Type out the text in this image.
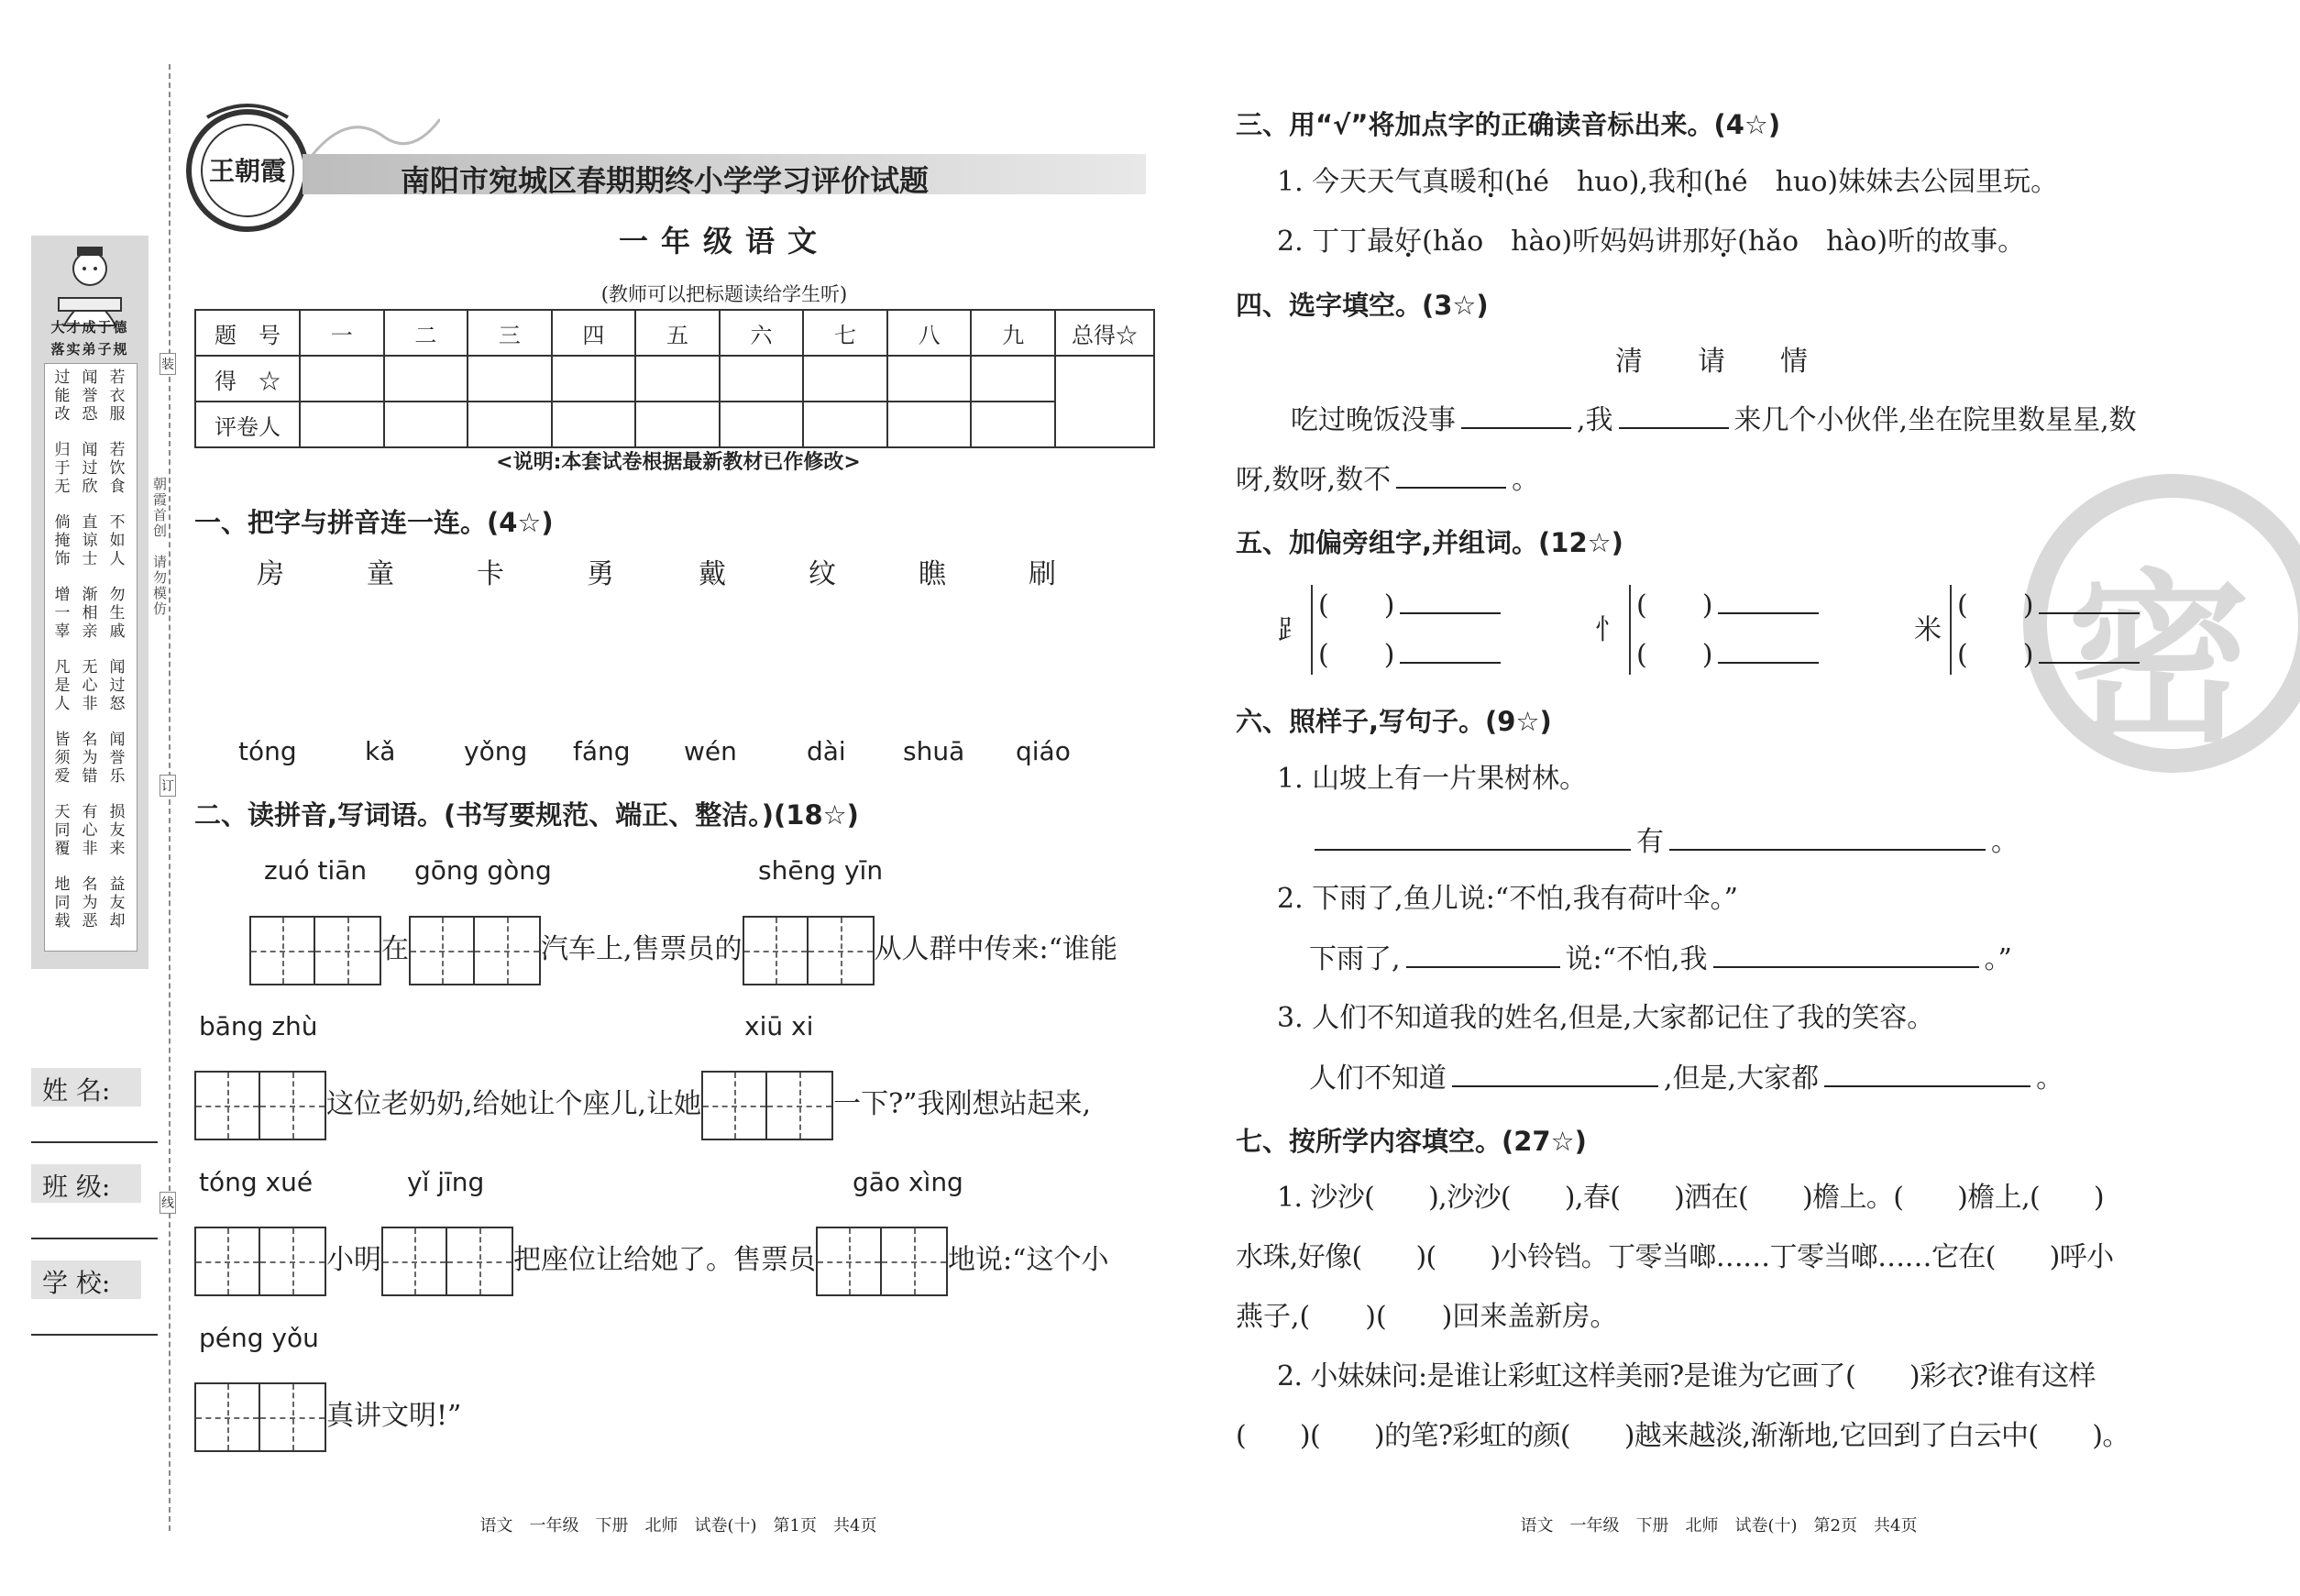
大才成于德
落实弟子规
过能改
闻誉恐
若衣服
归于无
闻过欣
若饮食
倘掩饰
直谅士
不如人
增一辜
渐相亲
勿生戚
凡是人
无心非
闻过怒
皆须爱
名为错
闻誉乐
天同覆
有心非
损友来
地同载
名为恶
益友却
朝霞首创　请勿模仿
装
订
线
姓 名:
班 级:
学 校:
王朝霞	南阳市宛城区春期期终小学学习评价试题
一年级语文
(教师可以把标题读给学生听)
题　号	一	二	三	四	五	六	七	八	九	总得☆
得　☆										
评卷人										
<说明:本套试卷根据最新教材已作修改>
一、把字与拼音连一连。(4☆)
房	童	卡	勇	戴	纹	瞧	刷
tóng	kǎ	yǒng fáng wén	dài shuā qiáo
二、读拼音,写词语。(书写要规范、端正、整洁。)(18☆)
zuó tiān gōng gòng	shēng yīn
在	汽车上,售票员的	从人群中传来:“谁能
bāng zhù	xiū xi
这位老奶奶,给她让个座儿,让她	一下?”我刚想站起来,
tóng xué	yǐ jīng	gāo xìng
小明	把座位让给她了。售票员	地说:“这个小
péng yǒu
真讲文明!”
语文　一年级　下册　北师　试卷(十)　第1页　共4页
密
三、用“√”将加点字的正确读音标出来。(4☆)
1. 今天天气真暖和(hé　huo),我和(hé　huo)妹妹去公园里玩。
2. 丁丁最好(hǎo　hào)听妈妈讲那好(hǎo　hào)听的故事。
四、选字填空。(3☆)
清 请 情
吃过晚饭没事	,我	来几个小伙伴,坐在院里数星星,数
呀,数呀,数不	。
五、加偏旁组字,并组词。(12☆)
⻊
(　　)
(　　)
忄
(　　)
(　　)
米
(　　)
(　　)
六、照样子,写句子。(9☆)
1. 山坡上有一片果树林。
有	。
2. 下雨了,鱼儿说:“不怕,我有荷叶伞。”
下雨了,	说:“不怕,我	。”
3. 人们不知道我的姓名,但是,大家都记住了我的笑容。
人们不知道	,但是,大家都	。
七、按所学内容填空。(27☆)
1. 沙沙(　　),沙沙(　　),春(　　)洒在(　　)檐上。(　　)檐上,(　　)
水珠,好像(　　)(　　)小铃铛。丁零当啷……丁零当啷……它在(　　)呼小
燕子,(　　)(　　)回来盖新房。
2. 小妹妹问:是谁让彩虹这样美丽?是谁为它画了(　　)彩衣?谁有这样
(　　)(　　)的笔?彩虹的颜(　　)越来越淡,渐渐地,它回到了白云中(　　)。
语文　一年级　下册　北师　试卷(十)　第2页　共4页
